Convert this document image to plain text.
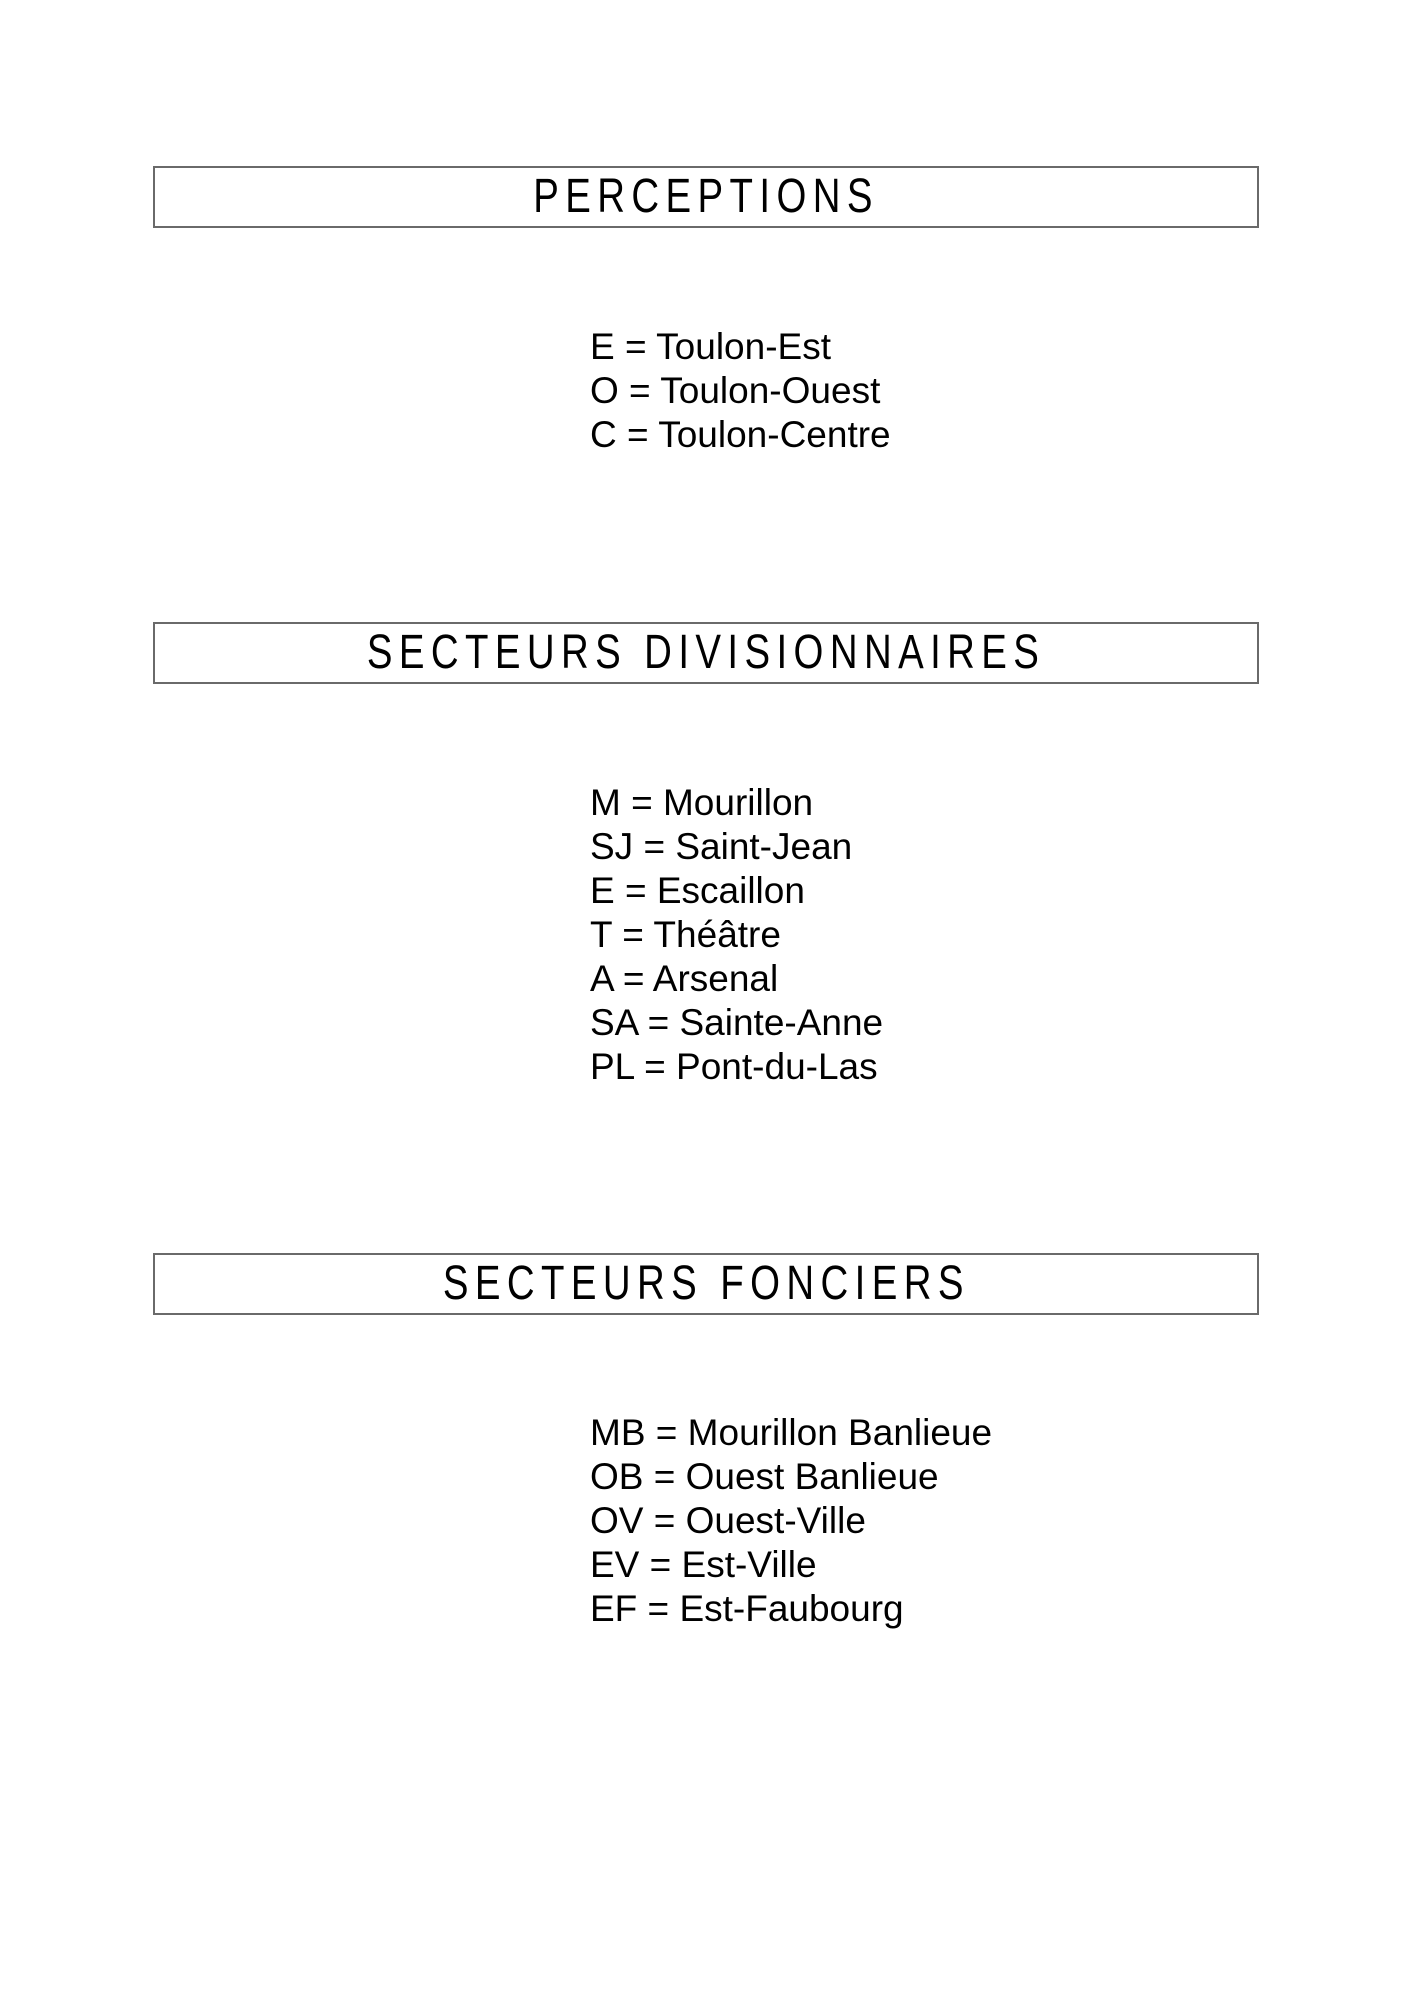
PERCEPTIONS
E = Toulon-Est
O = Toulon-Ouest
C = Toulon-Centre
SECTEURS DIVISIONNAIRES
M = Mourillon
SJ = Saint-Jean
E = Escaillon
T = Théâtre
A = Arsenal
SA = Sainte-Anne
PL = Pont-du-Las
SECTEURS FONCIERS
MB = Mourillon Banlieue
OB = Ouest Banlieue
OV = Ouest-Ville
EV = Est-Ville
EF = Est-Faubourg
